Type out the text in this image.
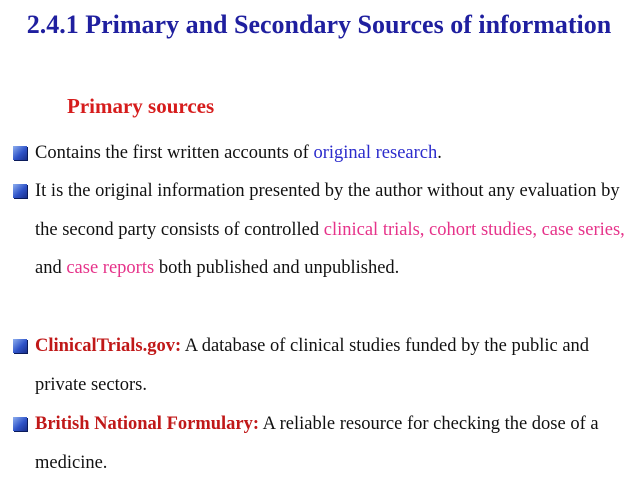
2.4.1 Primary and Secondary Sources of information
Primary sources
Contains the first written accounts of original research.
It is the original information presented by the author without any evaluation by the second party consists of controlled clinical trials, cohort studies, case series, and case reports both published and unpublished.
ClinicalTrials.gov: A database of clinical studies funded by the public and private sectors.
British National Formulary: A reliable resource for checking the dose of a medicine.
